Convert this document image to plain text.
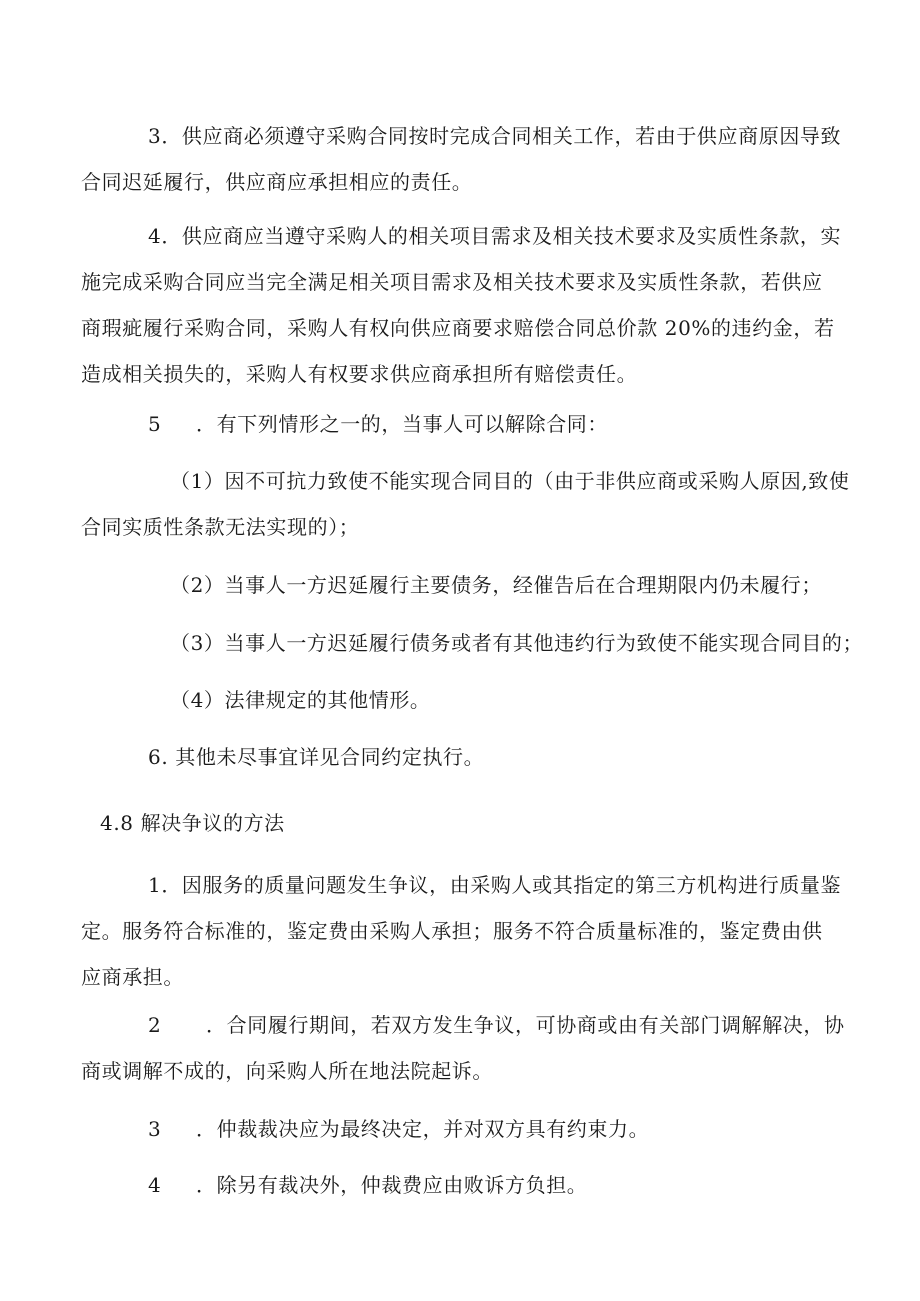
3．供应商必须遵守采购合同按时完成合同相关工作，若由于供应商原因导致
合同迟延履行，供应商应承担相应的责任。
4．供应商应当遵守采购人的相关项目需求及相关技术要求及实质性条款，实
施完成采购合同应当完全满足相关项目需求及相关技术要求及实质性条款，若供应
商瑕疵履行采购合同，采购人有权向供应商要求赔偿合同总价款 20%的违约金，若
造成相关损失的，采购人有权要求供应商承担所有赔偿责任。
5 ．有下列情形之一的，当事人可以解除合同：
（1）因不可抗力致使不能实现合同目的（由于非供应商或采购人原因,致使
合同实质性条款无法实现的）；
（2）当事人一方迟延履行主要债务，经催告后在合理期限内仍未履行；
（3）当事人一方迟延履行债务或者有其他违约行为致使不能实现合同目的；
（4）法律规定的其他情形。
6. 其他未尽事宜详见合同约定执行。
4.8 解决争议的方法
1．因服务的质量问题发生争议，由采购人或其指定的第三方机构进行质量鉴
定。服务符合标准的，鉴定费由采购人承担；服务不符合质量标准的，鉴定费由供
应商承担。
2 ．合同履行期间，若双方发生争议，可协商或由有关部门调解解决，协
商或调解不成的，向采购人所在地法院起诉。
3 ．仲裁裁决应为最终决定，并对双方具有约束力。
4 ．除另有裁决外，仲裁费应由败诉方负担。
